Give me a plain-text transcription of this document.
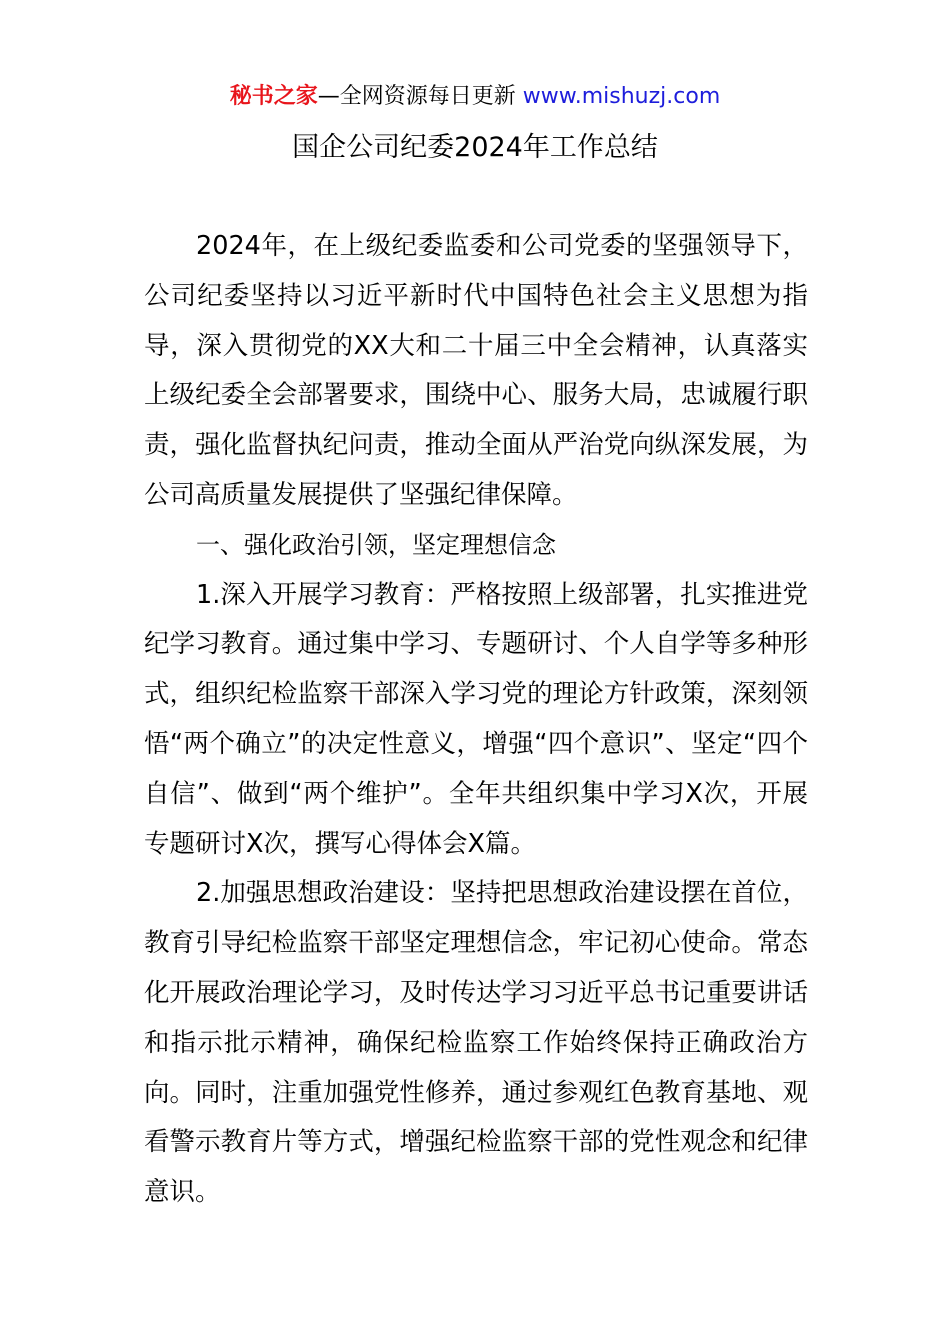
秘书之家—全网资源每日更新 www.mishuzj.com
国企公司纪委2024年工作总结

2024年，在上级纪委监委和公司党委的坚强领导下，公司纪委坚持以习近平新时代中国特色社会主义思想为指导，深入贯彻党的XX大和二十届三中全会精神，认真落实上级纪委全会部署要求，围绕中心、服务大局，忠诚履行职责，强化监督执纪问责，推动全面从严治党向纵深发展，为公司高质量发展提供了坚强纪律保障。

一、强化政治引领，坚定理想信念

1.深入开展学习教育：严格按照上级部署，扎实推进党纪学习教育。通过集中学习、专题研讨、个人自学等多种形式，组织纪检监察干部深入学习党的理论方针政策，深刻领悟“两个确立”的决定性意义，增强“四个意识”、坚定“四个自信”、做到“两个维护”。全年共组织集中学习X次，开展专题研讨X次，撰写心得体会X篇。

2.加强思想政治建设：坚持把思想政治建设摆在首位，教育引导纪检监察干部坚定理想信念，牢记初心使命。常态化开展政治理论学习，及时传达学习习近平总书记重要讲话和指示批示精神，确保纪检监察工作始终保持正确政治方向。同时，注重加强党性修养，通过参观红色教育基地、观看警示教育片等方式，增强纪检监察干部的党性观念和纪律意识。
